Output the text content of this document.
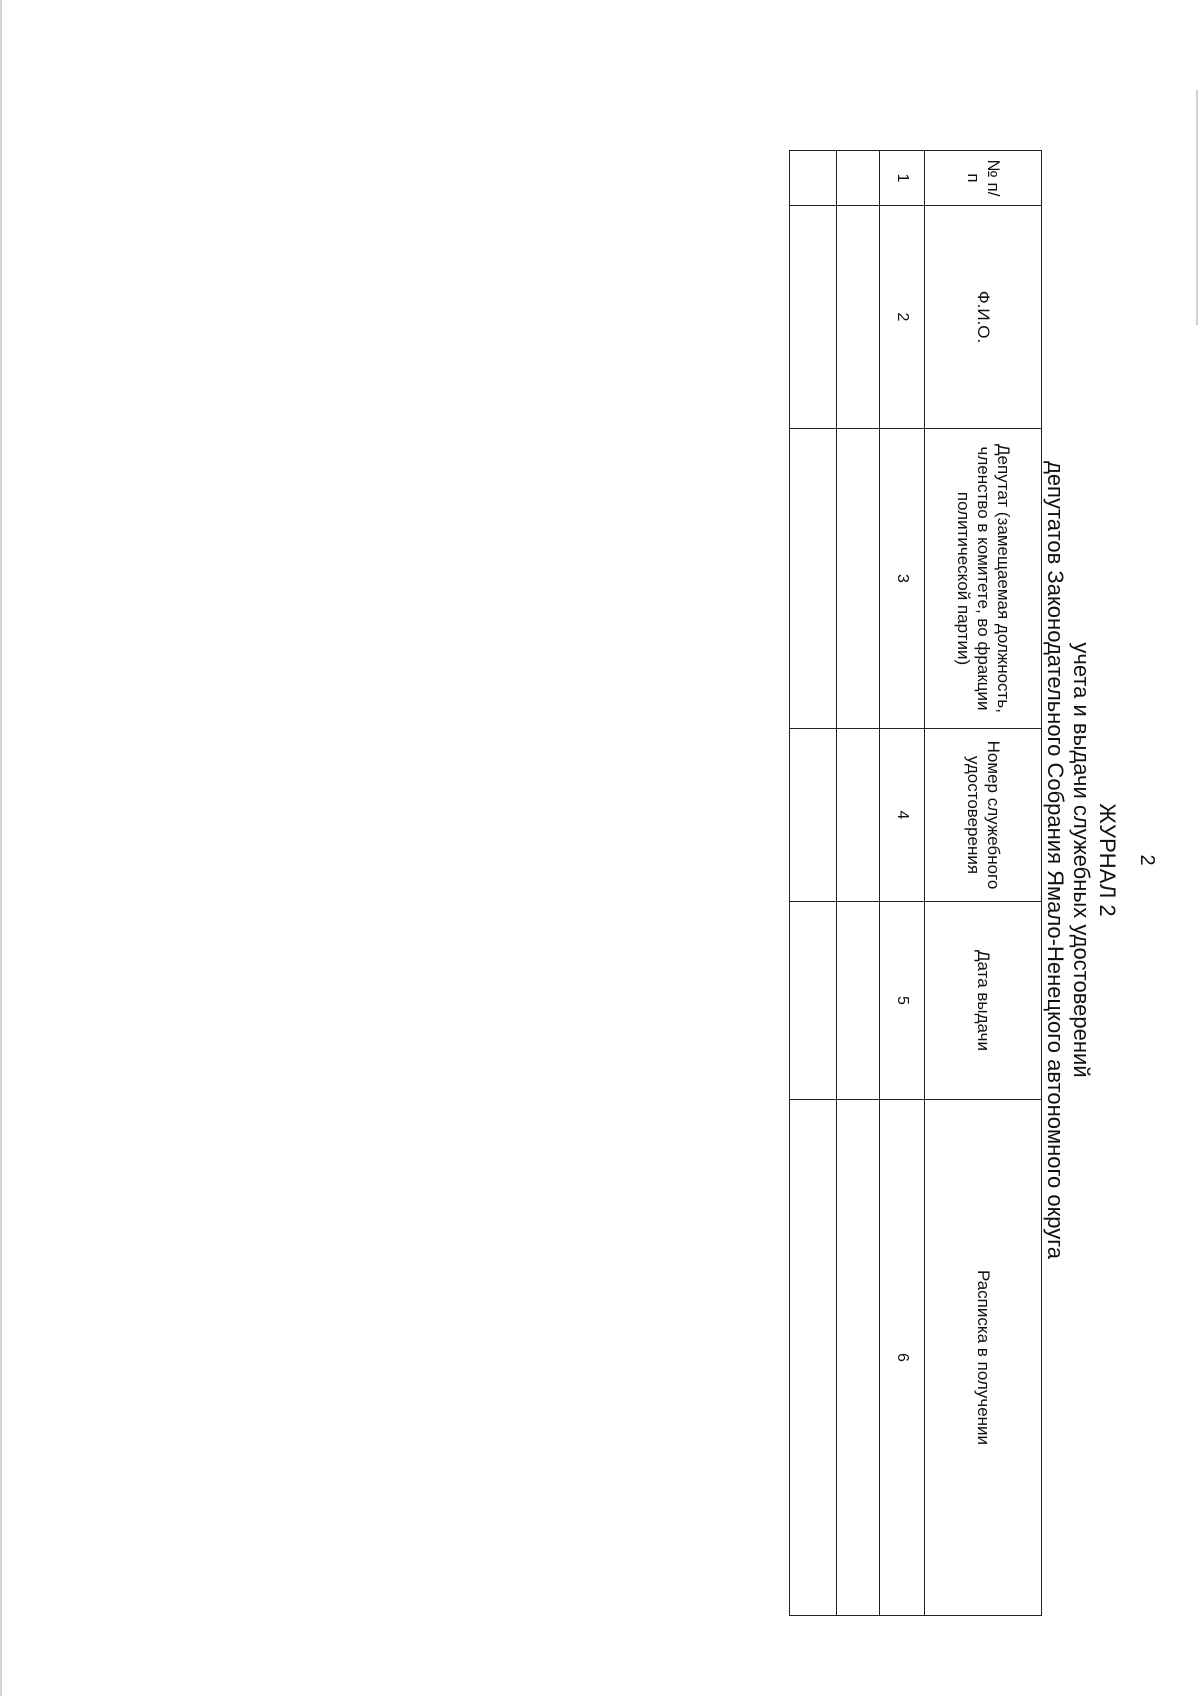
2
ЖУРНАЛ 2
учета и выдачи служебных удостоверений
депутатов Законодательного Собрания Ямало-Ненецкого автономного округа
№ п/п	Ф.И.О.	Депутат (замещаемая должность, членство в комитете, во фракции политической партии)	Номер служебного удостоверения	Дата выдачи	Расписка в получении
1	2	3	4	5	6
